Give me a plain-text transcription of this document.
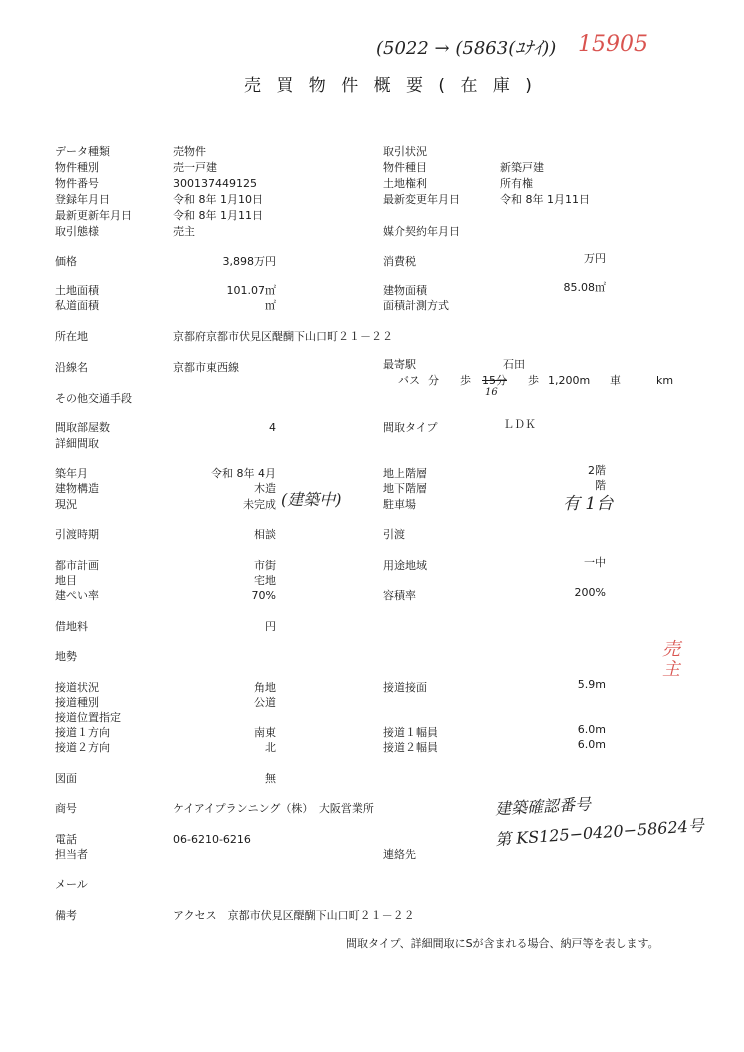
(5022 → (5863(ﾕﾅｲ)) 15905
売 買 物 件 概 要 ( 在 庫 )
データ種類	売物件
物件種別	売一戸建
物件番号	300137449125
登録年月日	令和 8年 1月10日
最新更新年月日	令和 8年 1月11日
取引態様	売主
価格	3,898万円
土地面積	101.07㎡
私道面積	㎡
所在地	京都府京都市伏見区醍醐下山口町２１－２２
沿線名	京都市東西線
その他交通手段
間取部屋数	4
詳細間取
築年月	令和 8年 4月
建物構造	木造
現況	未完成 (建築中)
引渡時期	相談
都市計画	市街
地目	宅地
建ぺい率	70%
借地料	円
地勢
接道状況	角地
接道種別	公道
接道位置指定
接道１方向	南東
接道２方向	北
図面	無
商号	ケイアイプランニング（株）　大阪営業所
電話	06-6210-6216
担当者
メール
備考	アクセス　京都市伏見区醍醐下山口町２１－２２
取引状況
物件種目	新築戸建
土地権利	所有権
最新変更年月日	令和 8年 1月11日
媒介契約年月日
消費税	万円
建物面積	85.08㎡
面積計測方式
最寄駅	石田
バス 分 歩 15分
16
歩 1,200m 車	km
間取タイプ	ＬＤＫ
地上階層	2階
地下階層	階
駐車場	有 1台
引渡
用途地域	一中
容積率	200%
売主
接道接面	5.9m
接道１幅員	6.0m
接道２幅員	6.0m
建築確認番号
第 KS125−0420−58624号
連絡先
間取タイプ、詳細間取にSが含まれる場合、納戸等を表します。
